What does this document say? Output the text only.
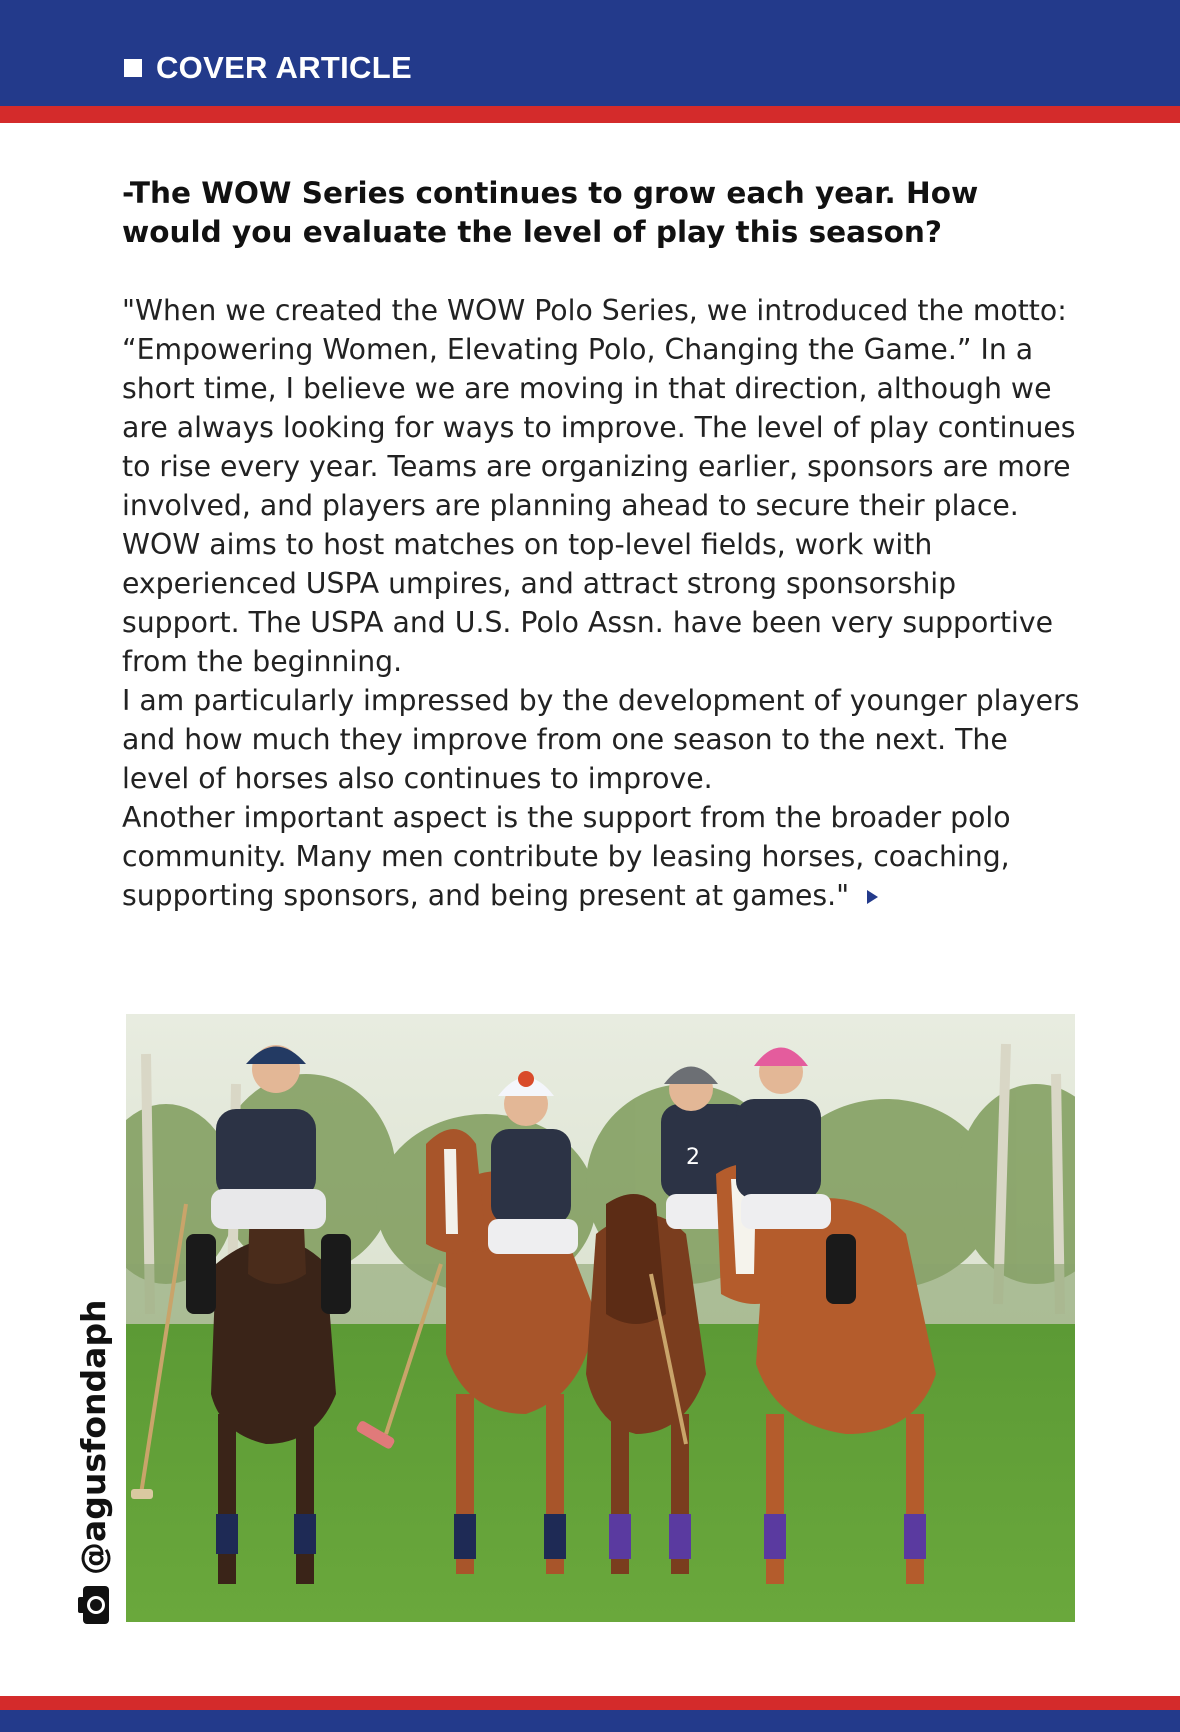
COVER ARTICLE
-The WOW Series continues to grow each year. How would you evaluate the level of play this season?

"When we created the WOW Polo Series, we introduced the motto: “Empowering Women, Elevating Polo, Changing the Game.” In a short time, I believe we are moving in that direction, although we are always looking for ways to improve. The level of play continues to rise every year. Teams are organizing earlier, sponsors are more involved, and players are planning ahead to secure their place.

WOW aims to host matches on top-level fields, work with experienced USPA umpires, and attract strong sponsorship support. The USPA and U.S. Polo Assn. have been very supportive from the beginning.

I am particularly impressed by the development of younger players and how much they improve from one season to the next. The level of horses also continues to improve.

Another important aspect is the support from the broader polo community. Many men contribute by leasing horses, coaching, supporting sponsors, and being present at games."

2
@agusfondaph
